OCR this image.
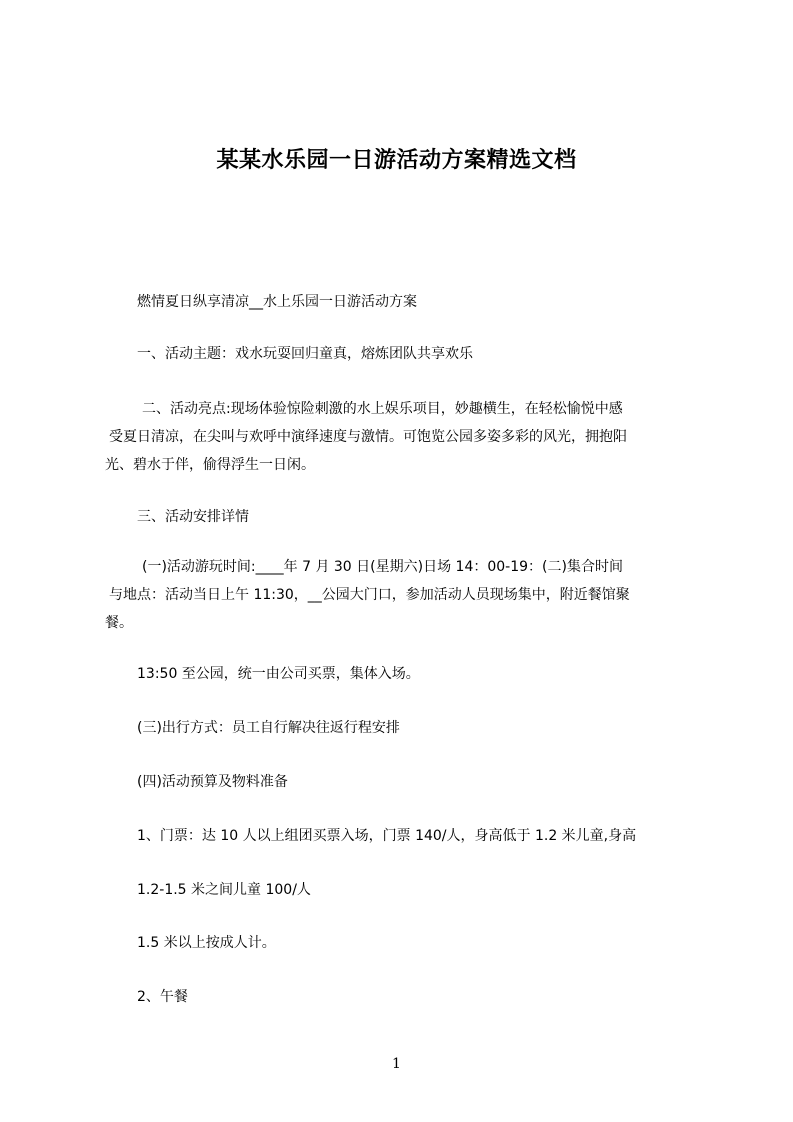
某某水乐园一日游活动方案精选文档
燃情夏日纵享清凉__水上乐园一日游活动方案
一、活动主题：戏水玩耍回归童真，熔炼团队共享欢乐
二、活动亮点:现场体验惊险刺激的水上娱乐项目，妙趣横生，在轻松愉悦中感
受夏日清凉，在尖叫与欢呼中演绎速度与激情。可饱览公园多姿多彩的风光，拥抱阳
光、碧水于伴，偷得浮生一日闲。
三、活动安排详情
(一)活动游玩时间:____年 7 月 30 日(星期六)日场 14：00-19：(二)集合时间
与地点：活动当日上午 11:30，__公园大门口，参加活动人员现场集中，附近餐馆聚
餐。
13:50 至公园，统一由公司买票，集体入场。
(三)出行方式：员工自行解决往返行程安排
(四)活动预算及物料准备
1、门票：达 10 人以上组团买票入场，门票 140/人，身高低于 1.2 米儿童,身高
1.2-1.5 米之间儿童 100/人
1.5 米以上按成人计。
2、午餐
1
